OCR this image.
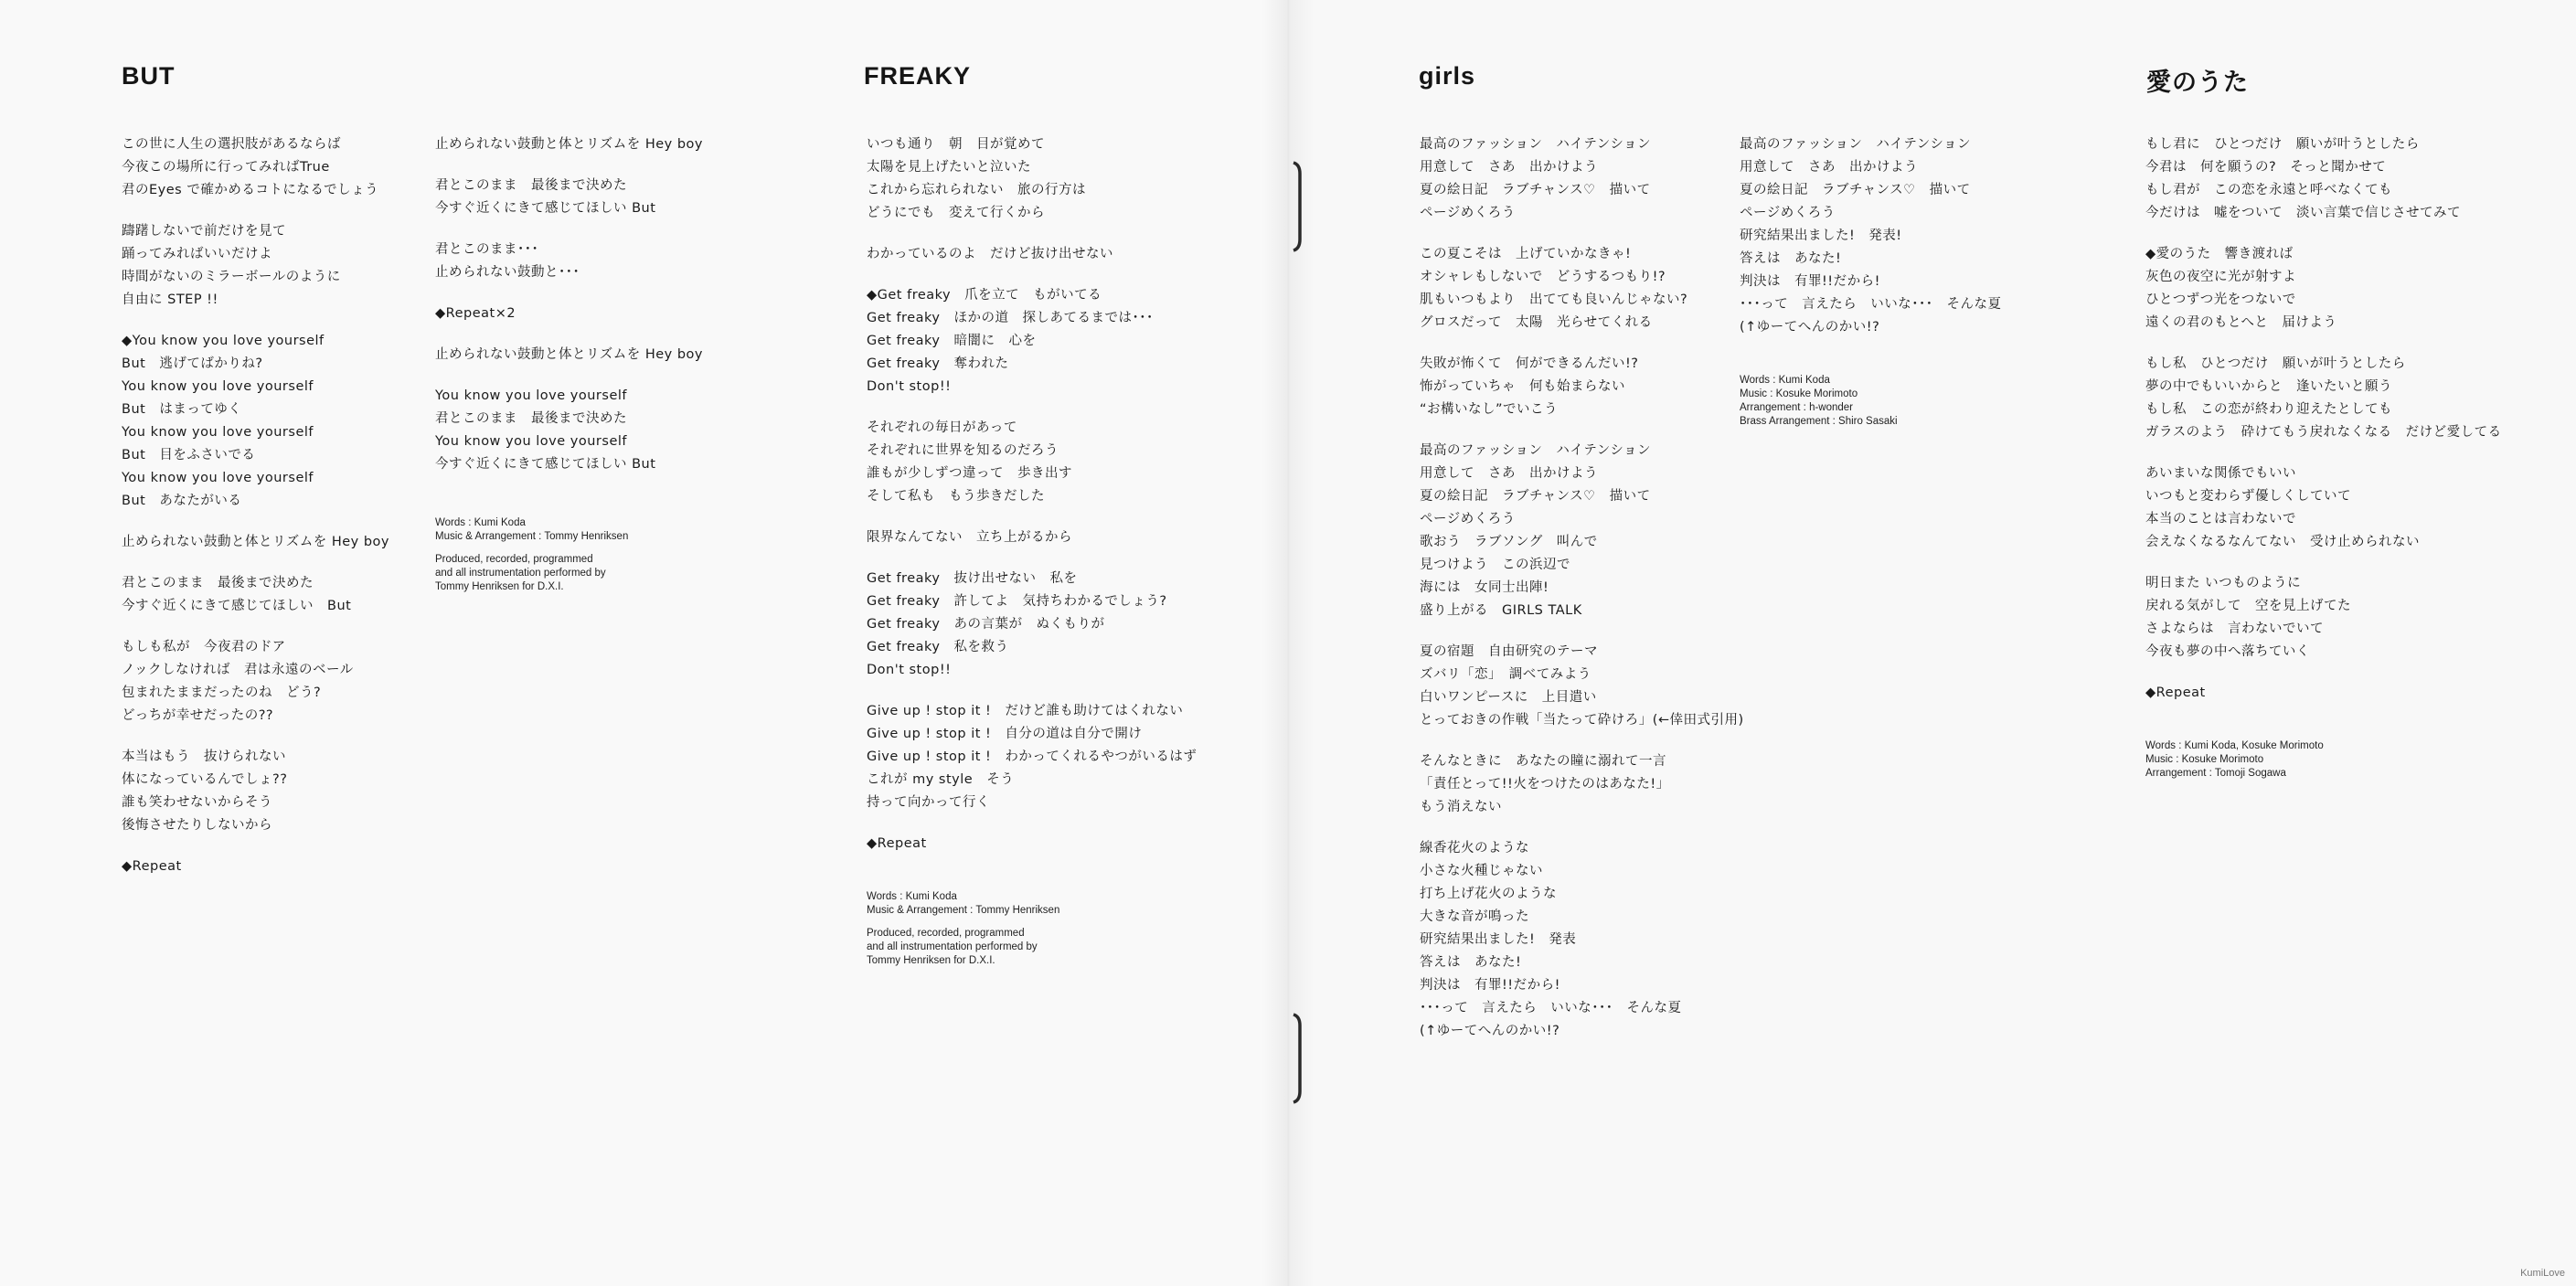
BUT
この世に人生の選択肢があるならば
今夜この場所に行ってみればTrue
君のEyes で確かめるコトになるでしょう
躊躇しないで前だけを見て
踊ってみればいいだけよ
時間がないのミラーボールのように
自由に STEP !!
◆You know you love yourself
But　逃げてばかりね?
You know you love yourself
But　はまってゆく
You know you love yourself
But　目をふさいでる
You know you love yourself
But　あなたがいる
止められない鼓動と体とリズムを Hey boy
君とこのまま　最後まで決めた
今すぐ近くにきて感じてほしい　But
もしも私が　今夜君のドア
ノックしなければ　君は永遠のベール
包まれたままだったのね　どう?
どっちが幸せだったの??
本当はもう　抜けられない
体になっているんでしょ??
誰も笑わせないからそう
後悔させたりしないから
◆Repeat
止められない鼓動と体とリズムを Hey boy
君とこのまま　最後まで決めた
今すぐ近くにきて感じてほしい But
君とこのまま･･･
止められない鼓動と･･･
◆Repeat×2
止められない鼓動と体とリズムを Hey boy
You know you love yourself
君とこのまま　最後まで決めた
You know you love yourself
今すぐ近くにきて感じてほしい But
Words : Kumi Koda
Music & Arrangement : Tommy Henriksen
Produced, recorded, programmed
and all instrumentation performed by
Tommy Henriksen for D.X.I.
FREAKY
いつも通り　朝　目が覚めて
太陽を見上げたいと泣いた
これから忘れられない　旅の行方は
どうにでも　変えて行くから
わかっているのよ　だけど抜け出せない
◆Get freaky　爪を立て　もがいてる
Get freaky　ほかの道　探しあてるまでは･･･
Get freaky　暗闇に　心を
Get freaky　奪われた
Don't stop!!
それぞれの毎日があって
それぞれに世界を知るのだろう
誰もが少しずつ違って　歩き出す
そして私も　もう歩きだした
限界なんてない　立ち上がるから
Get freaky　抜け出せない　私を
Get freaky　許してよ　気持ちわかるでしょう?
Get freaky　あの言葉が　ぬくもりが
Get freaky　私を救う
Don't stop!!
Give up ! stop it !　だけど誰も助けてはくれない
Give up ! stop it !　自分の道は自分で開け
Give up ! stop it !　わかってくれるやつがいるはず
これが my style　そう
持って向かって行く
◆Repeat
Words : Kumi Koda
Music & Arrangement : Tommy Henriksen
Produced, recorded, programmed
and all instrumentation performed by
Tommy Henriksen for D.X.I.
girls
最高のファッション　ハイテンション
用意して　さあ　出かけよう
夏の絵日記　ラブチャンス♡　描いて
ページめくろう
この夏こそは　上げていかなきゃ!
オシャレもしないで　どうするつもり!?
肌もいつもより　出てても良いんじゃない?
グロスだって　太陽　光らせてくれる
失敗が怖くて　何ができるんだい!?
怖がっていちゃ　何も始まらない
“お構いなし”でいこう
最高のファッション　ハイテンション
用意して　さあ　出かけよう
夏の絵日記　ラブチャンス♡　描いて
ページめくろう
歌おう　ラブソング　叫んで
見つけよう　この浜辺で
海には　女同士出陣!
盛り上がる　GIRLS TALK
夏の宿題　自由研究のテーマ
ズバリ「恋」　調べてみよう
白いワンピースに　上目遣い
とっておきの作戦「当たって砕けろ」(←倖田式引用)
そんなときに　あなたの瞳に溺れて一言
「責任とって!!火をつけたのはあなた!」
もう消えない
線香花火のような
小さな火種じゃない
打ち上げ花火のような
大きな音が鳴った
研究結果出ました!　発表
答えは　あなた!
判決は　有罪!!だから!
･･･って　言えたら　いいな･･･　そんな夏
(↑ゆーてへんのかい!?
最高のファッション　ハイテンション
用意して　さあ　出かけよう
夏の絵日記　ラブチャンス♡　描いて
ページめくろう
研究結果出ました!　発表!
答えは　あなた!
判決は　有罪!!だから!
･･･って　言えたら　いいな･･･　そんな夏
(↑ゆーてへんのかい!?
Words : Kumi Koda
Music : Kosuke Morimoto
Arrangement : h-wonder
Brass Arrangement : Shiro Sasaki
愛のうた
もし君に　ひとつだけ　願いが叶うとしたら
今君は　何を願うの?　そっと聞かせて
もし君が　この恋を永遠と呼べなくても
今だけは　嘘をついて　淡い言葉で信じさせてみて
◆愛のうた　響き渡れば
灰色の夜空に光が射すよ
ひとつずつ光をつないで
遠くの君のもとへと　届けよう
もし私　ひとつだけ　願いが叶うとしたら
夢の中でもいいからと　逢いたいと願う
もし私　この恋が終わり迎えたとしても
ガラスのよう　砕けてもう戻れなくなる　だけど愛してる
あいまいな関係でもいい
いつもと変わらず優しくしていて
本当のことは言わないで
会えなくなるなんてない　受け止められない
明日また いつものように
戻れる気がして　空を見上げてた
さよならは　言わないでいて
今夜も夢の中へ落ちていく
◆Repeat
Words : Kumi Koda, Kosuke Morimoto
Music : Kosuke Morimoto
Arrangement : Tomoji Sogawa
KumiLove
